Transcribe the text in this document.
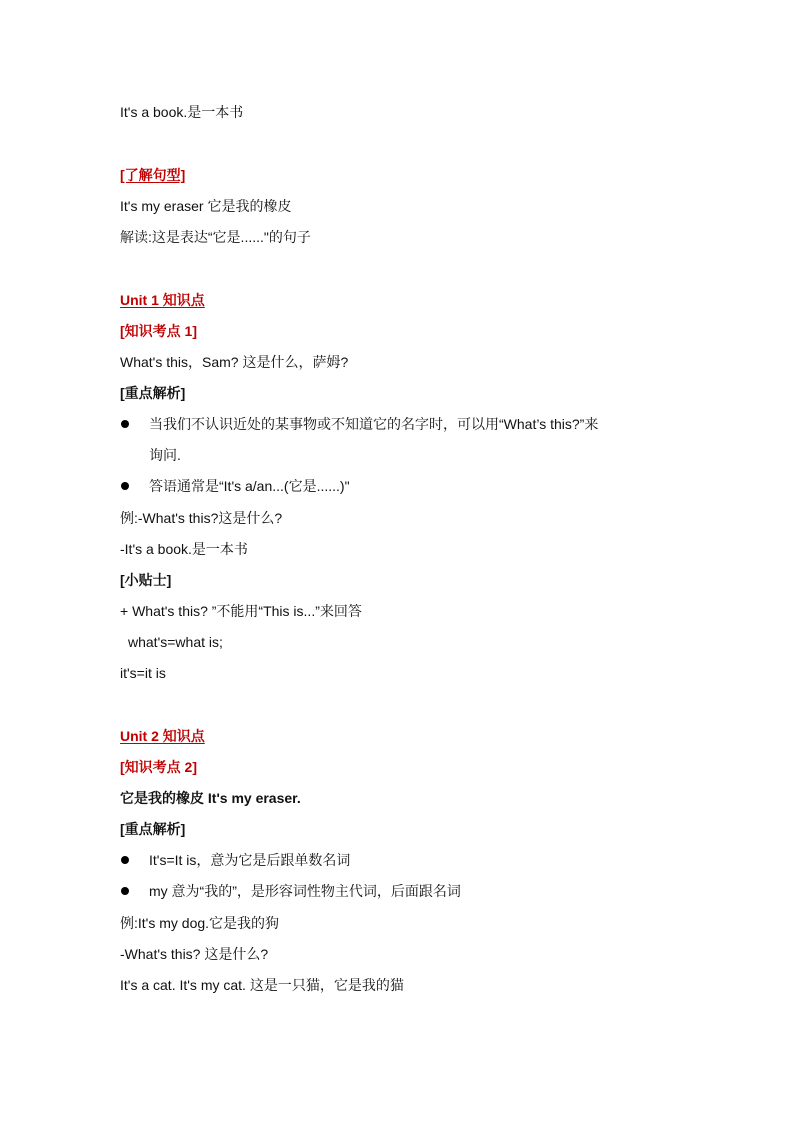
It's a book.是一本书
[了解句型]
It's my eraser 它是我的橡皮
解读:这是表达“它是......"的句子
Unit 1 知识点
[知识考点 1]
What's this，Sam? 这是什么，萨姆?
[重点解析]
当我们不认识近处的某事物或不知道它的名字时，可以用“What’s this?”来
询问.
答语通常是“It's a/an...(它是......)"
例:-What's this?这是什么?
-It's a book.是一本书
[小贴士]
+ What's this? ”不能用“This is...”来回答
what's=what is;
it's=it is
Unit 2 知识点
[知识考点 2]
它是我的橡皮 It's my eraser.
[重点解析]
It's=It is，意为它是后跟单数名词
my 意为“我的”，是形容词性物主代词，后面跟名词
例:It's my dog.它是我的狗
-What's this? 这是什么?
It's a cat. It's my cat. 这是一只猫，它是我的猫
